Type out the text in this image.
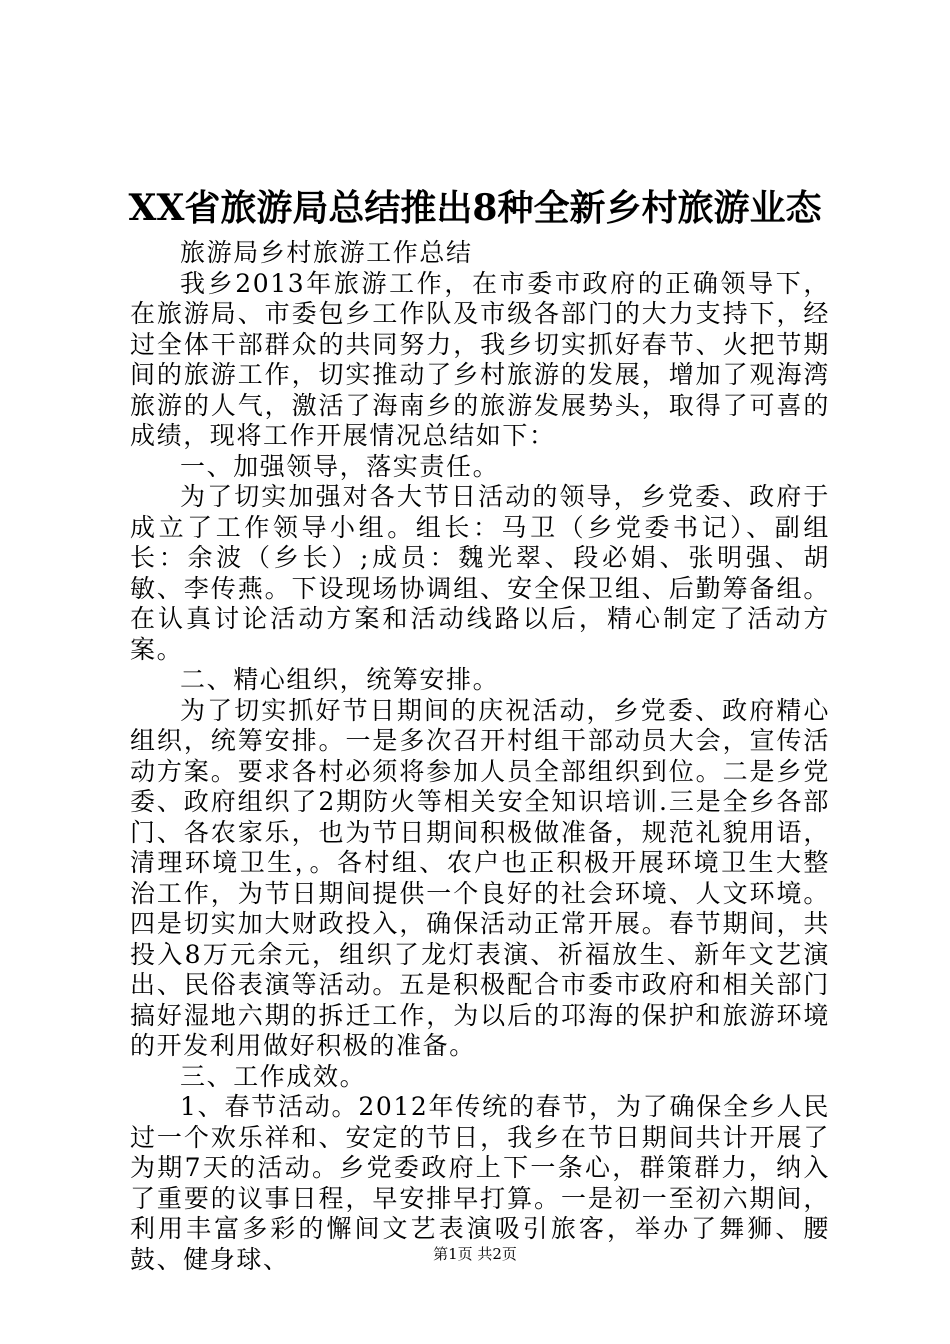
XX省旅游局总结推出8种全新乡村旅游业态

旅游局乡村旅游工作总结

我乡2013年旅游工作，在市委市政府的正确领导下，在旅游局、市委包乡工作队及市级各部门的大力支持下，经过全体干部群众的共同努力，我乡切实抓好春节、火把节期间的旅游工作，切实推动了乡村旅游的发展，增加了观海湾旅游的人气，激活了海南乡的旅游发展势头，取得了可喜的成绩，现将工作开展情况总结如下：

一、加强领导，落实责任。

为了切实加强对各大节日活动的领导，乡党委、政府于成立了工作领导小组。组长：马卫（乡党委书记）、副组长：余波（乡长）;成员：魏光翠、段必娟、张明强、胡敏、李传燕。下设现场协调组、安全保卫组、后勤筹备组。在认真讨论活动方案和活动线路以后，精心制定了活动方案。

二、精心组织，统筹安排。

为了切实抓好节日期间的庆祝活动，乡党委、政府精心组织，统筹安排。一是多次召开村组干部动员大会，宣传活动方案。要求各村必须将参加人员全部组织到位。二是乡党委、政府组织了2期防火等相关安全知识培训.三是全乡各部门、各农家乐，也为节日期间积极做准备，规范礼貌用语，清理环境卫生，。各村组、农户也正积极开展环境卫生大整治工作，为节日期间提供一个良好的社会环境、人文环境。四是切实加大财政投入，确保活动正常开展。春节期间，共投入8万元余元，组织了龙灯表演、祈福放生、新年文艺演出、民俗表演等活动。五是积极配合市委市政府和相关部门搞好湿地六期的拆迁工作，为以后的邛海的保护和旅游环境的开发利用做好积极的准备。

三、工作成效。

1、春节活动。2012年传统的春节，为了确保全乡人民过一个欢乐祥和、安定的节日，我乡在节日期间共计开展了为期7天的活动。乡党委政府上下一条心，群策群力，纳入了重要的议事日程，早安排早打算。一是初一至初六期间，利用丰富多彩的懈间文艺表演吸引旅客，举办了舞狮、腰鼓、健身球、	第1页 共2页
